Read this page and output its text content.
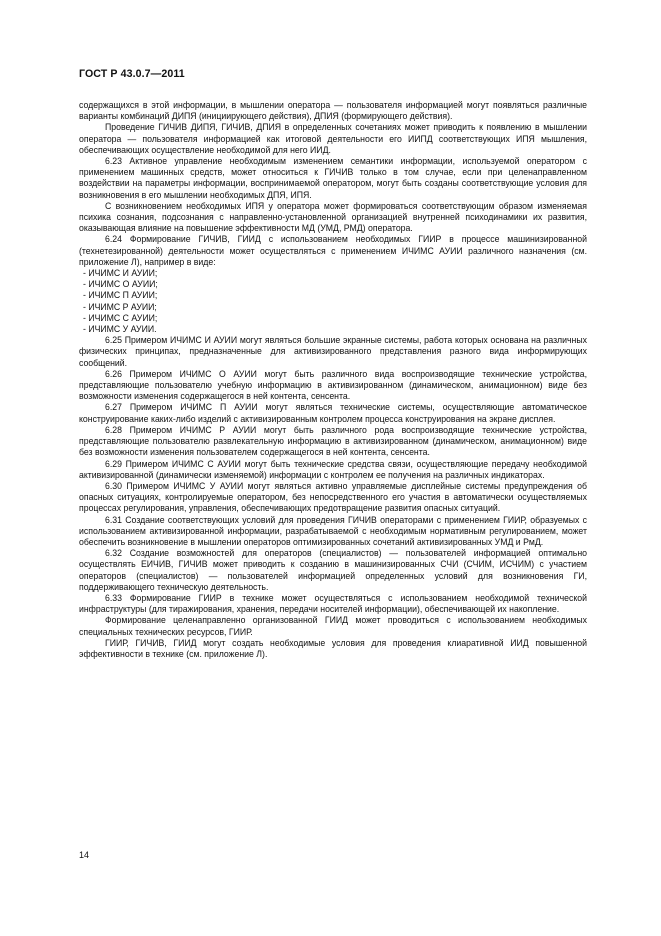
ГОСТ Р 43.0.7—2011

содержащихся в этой информации, в мышлении оператора — пользователя информацией могут появляться различные варианты комбинаций ДИПЯ (инициирующего действия), ДПИЯ (формирующего действия).

Проведение ГИЧИВ ДИПЯ, ГИЧИВ, ДПИЯ в определенных сочетаниях может приводить к появлению в мышлении оператора — пользователя информацией как итоговой деятельности его ИИПД соответствующих ИПЯ мышления, обеспечивающих осуществление необходимой для него ИИД.

6.23 Активное управление необходимым изменением семантики информации, используемой оператором с применением машинных средств, может относиться к ГИЧИВ только в том случае, если при целенаправленном воздействии на параметры информации, воспринимаемой оператором, могут быть созданы соответствующие условия для возникновения в его мышлении необходимых ДПЯ, ИПЯ.

С возникновением необходимых ИПЯ у оператора может формироваться соответствующим образом изменяемая психика сознания, подсознания с направленно-установленной организацией внутренней психодинамики их развития, оказывающая влияние на повышение эффективности МД (УМД, РМД) оператора.

6.24 Формирование ГИЧИВ, ГИИД с использованием необходимых ГИИР в процессе машинизированной (технетезированной) деятельности может осуществляться с применением ИЧИМС АУИИ различного назначения (см. приложение Л), например в виде:

- ИЧИМС И АУИИ;

- ИЧИМС О АУИИ;

- ИЧИМС П АУИИ;

- ИЧИМС Р АУИИ;

- ИЧИМС С АУИИ;

- ИЧИМС У АУИИ.

6.25 Примером ИЧИМС И АУИИ могут являться большие экранные системы, работа которых основана на различных физических принципах, предназначенные для активизированного представления разного вида информирующих сообщений.

6.26 Примером ИЧИМС О АУИИ могут быть различного вида воспроизводящие технические устройства, представляющие пользователю учебную информацию в активизированном (динамическом, анимационном) виде без возможности изменения содержащегося в ней контента, сенсента.

6.27 Примером ИЧИМС П АУИИ могут являться технические системы, осуществляющие автоматическое конструирование каких-либо изделий с активизированным контролем процесса конструирования на экране дисплея.

6.28 Примером ИЧИМС Р АУИИ могут быть различного рода воспроизводящие технические устройства, представляющие пользователю развлекательную информацию в активизированном (динамическом, анимационном) виде без возможности изменения пользователем содержащегося в ней контента, сенсента.

6.29 Примером ИЧИМС С АУИИ могут быть технические средства связи, осуществляющие передачу необходимой активизированной (динамически изменяемой) информации с контролем ее получения на различных индикаторах.

6.30 Примером ИЧИМС У АУИИ могут являться активно управляемые дисплейные системы предупреждения об опасных ситуациях, контролируемые оператором, без непосредственного его участия в автоматически осуществляемых процессах регулирования, управления, обеспечивающих предотвращение развития опасных ситуаций.

6.31 Создание соответствующих условий для проведения ГИЧИВ операторами с применением ГИИР, образуемых с использованием активизированной информации, разрабатываемой с необходимым нормативным регулированием, может обеспечить возникновение в мышлении операторов оптимизированных сочетаний активизированных УМД и РмД.

6.32 Создание возможностей для операторов (специалистов) — пользователей информацией оптимально осуществлять ЕИЧИВ, ГИЧИВ может приводить к созданию в машинизированных СЧИ (СЧИМ, ИСЧИМ) с участием операторов (специалистов) — пользователей информацией определенных условий для возникновения ГИ, поддерживающего техническую деятельность.

6.33 Формирование ГИИР в технике может осуществляться с использованием необходимой технической инфраструктуры (для тиражирования, хранения, передачи носителей информации), обеспечивающей их накопление.

Формирование целенаправленно организованной ГИИД может проводиться с использованием необходимых специальных технических ресурсов, ГИИР.

ГИИР, ГИЧИВ, ГИИД могут создать необходимые условия для проведения клиаративной ИИД повышенной эффективности в технике (см. приложение Л).

14
